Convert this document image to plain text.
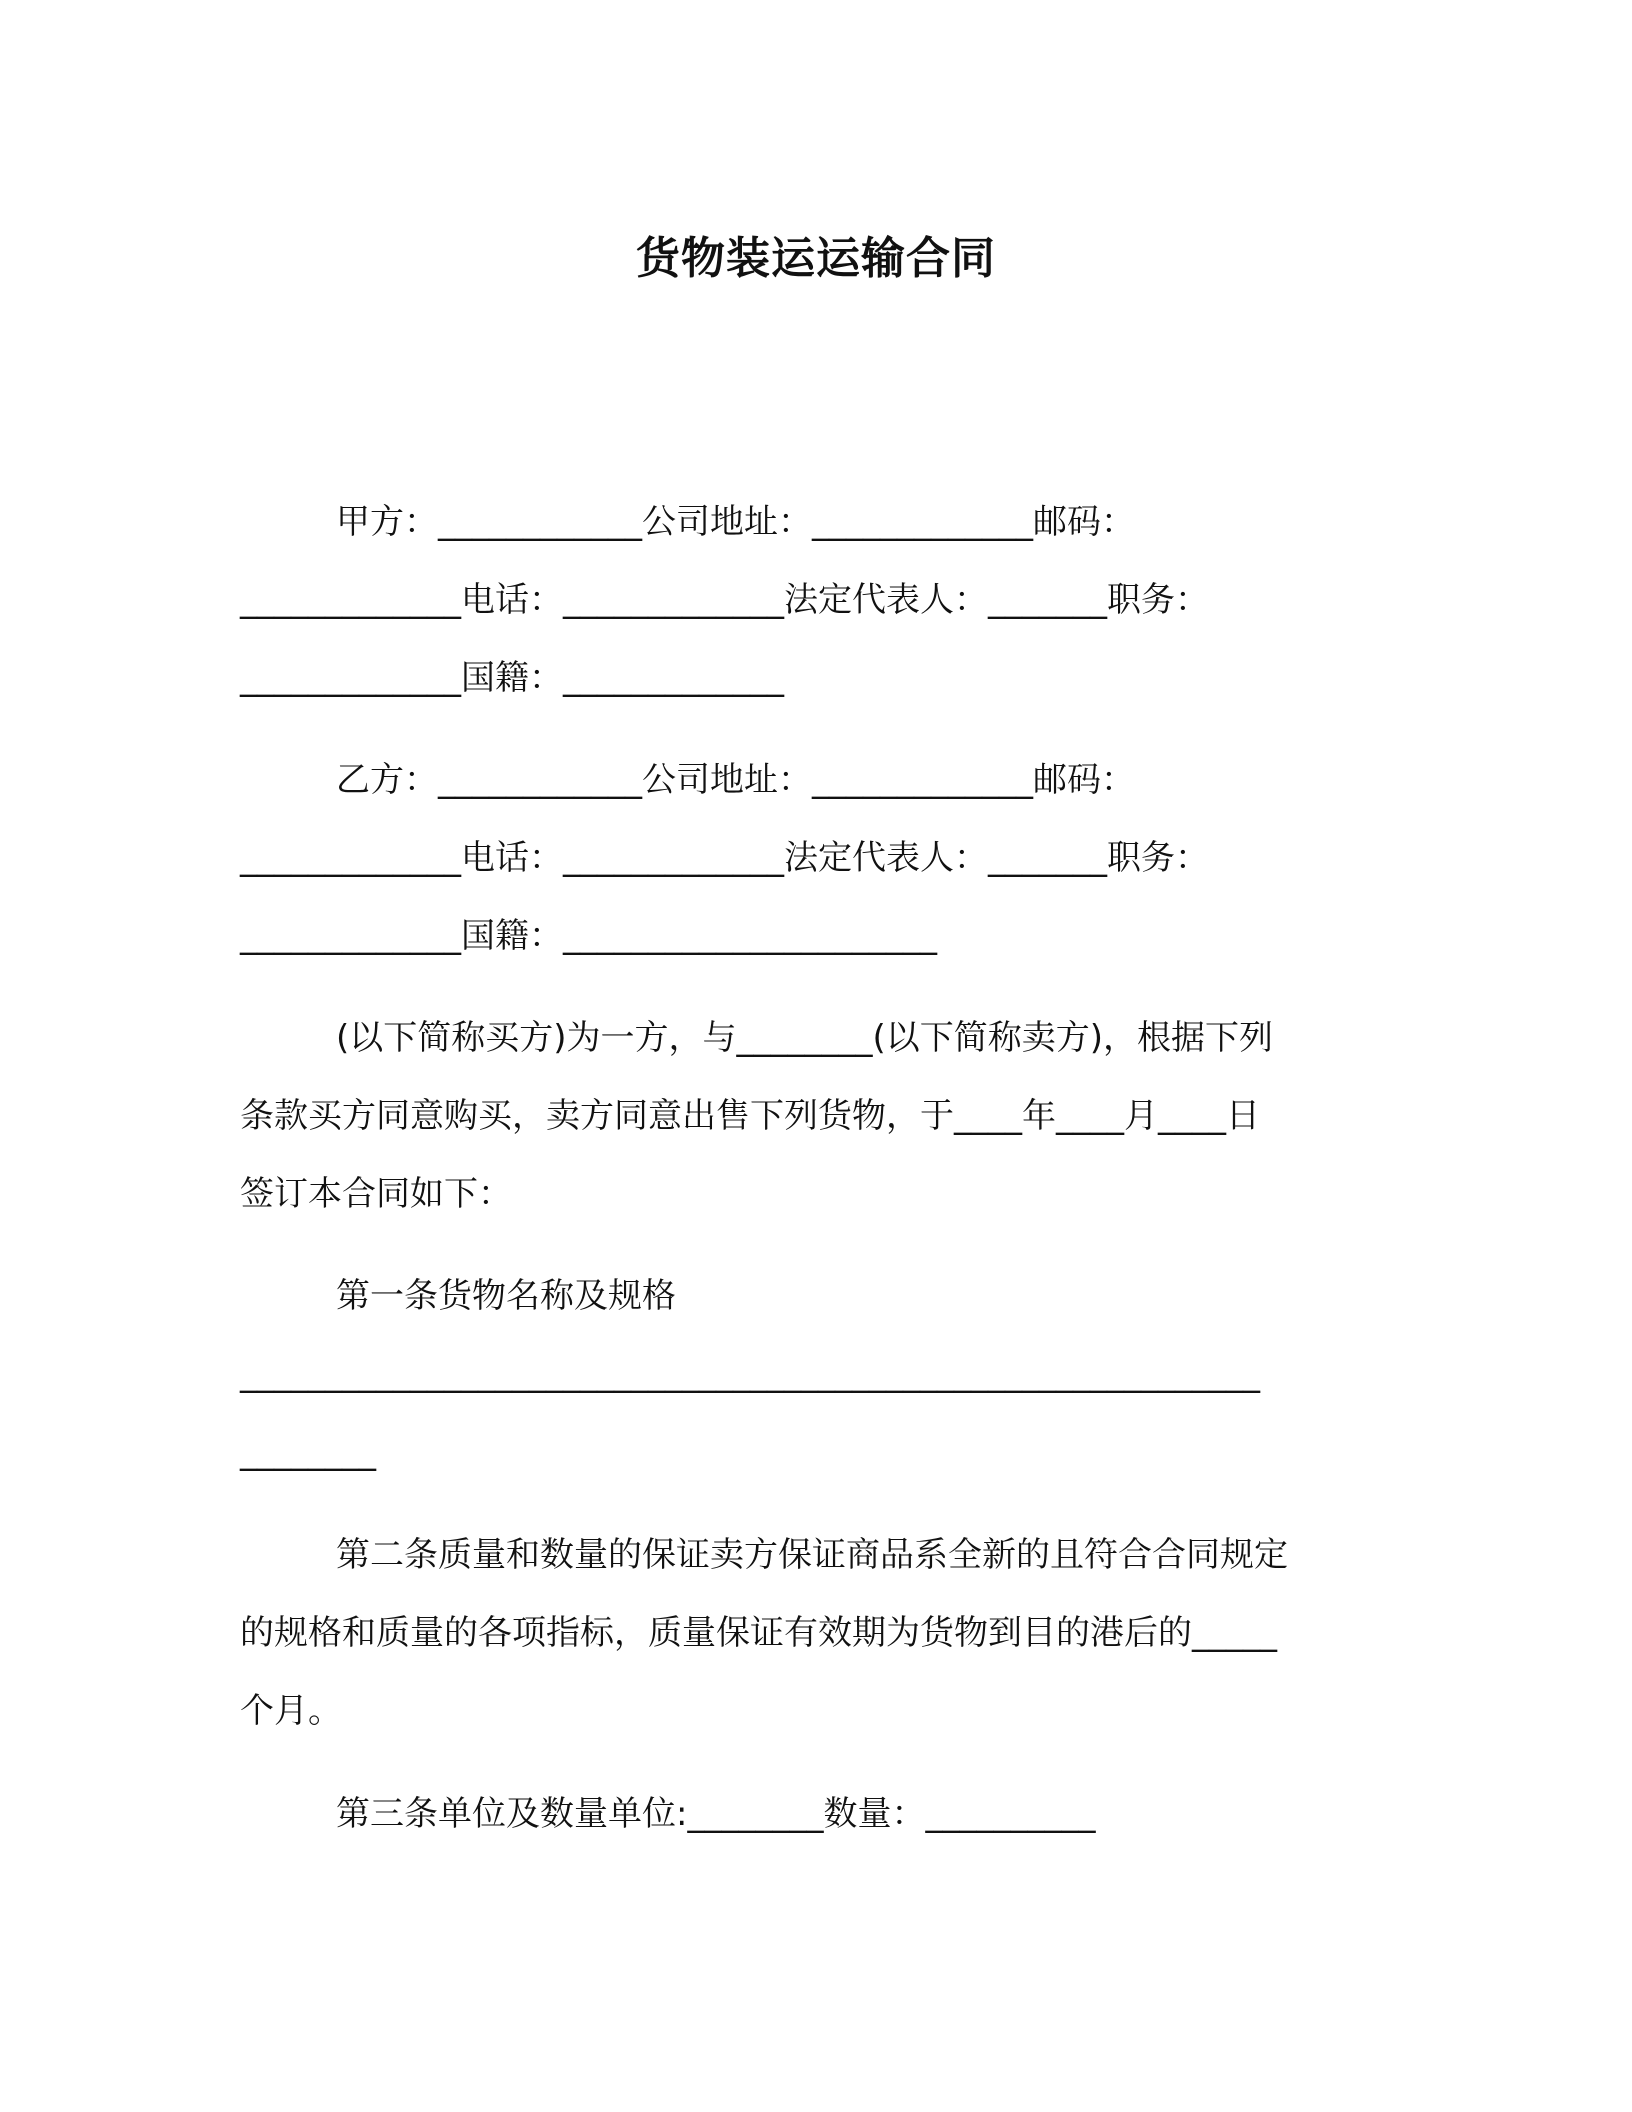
货物装运运输合同
甲方：____________公司地址：_____________邮码：
_____________电话：_____________法定代表人：_______职务：
_____________国籍：_____________
乙方：____________公司地址：_____________邮码：
_____________电话：_____________法定代表人：_______职务：
_____________国籍：______________________
(以下简称买方)为一方，与________(以下简称卖方)，根据下列
条款买方同意购买，卖方同意出售下列货物，于____年____月____日
签订本合同如下：
第一条货物名称及规格
____________________________________________________________
________
第二条质量和数量的保证卖方保证商品系全新的且符合合同规定
的规格和质量的各项指标，质量保证有效期为货物到目的港后的_____
个月。
第三条单位及数量单位:________数量：__________
